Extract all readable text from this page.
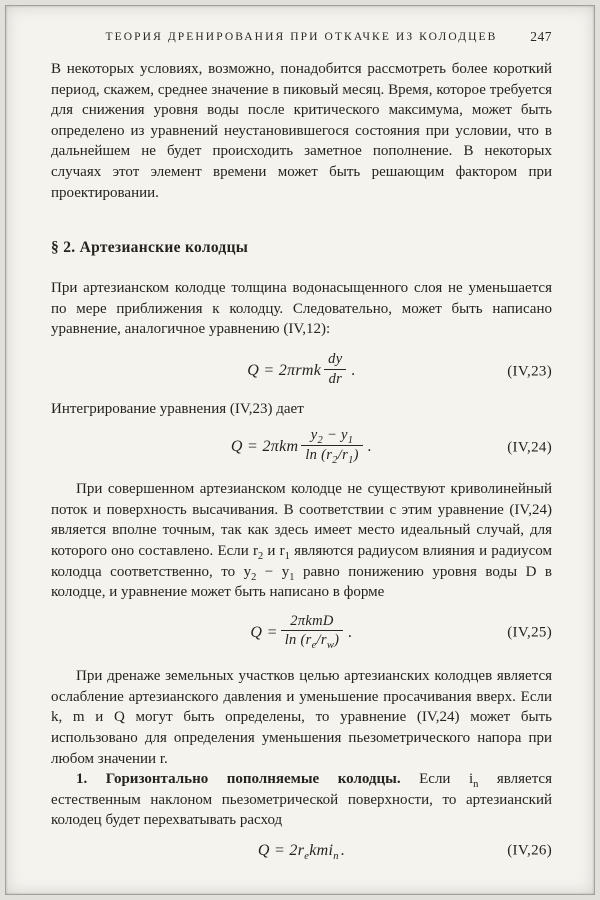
ТЕОРИЯ ДРЕНИРОВАНИЯ ПРИ ОТКАЧКЕ ИЗ КОЛОДЦЕВ 247

В некоторых условиях, возможно, понадобится рассмотреть более короткий период, скажем, среднее значение в пиковый месяц. Время, которое требуется для снижения уровня воды после критического максимума, может быть определено из уравнений неустановившегося состояния при условии, что в дальнейшем не будет происходить заметное пополнение. В некоторых случаях этот элемент времени может быть решающим фактором при проектировании.

§ 2. Артезианские колодцы

При артезианском колодце толщина водонасыщенного слоя не уменьшается по мере приближения к колодцу. Следовательно, может быть написано уравнение, аналогичное уравнению (IV,12):

$Q = 2\pi rmk \frac{dy}{dr}$ .	(IV,23)

Интегрирование уравнения (IV,23) дает

$Q = 2\pi km \frac{y_2 - y_1}{\ln (r_2/r_1)}$ .	(IV,24)

При совершенном артезианском колодце не существуют криволинейный поток и поверхность высачивания. В соответствии с этим уравнение (IV,24) является вполне точным, так как здесь имеет место идеальный случай, для которого оно составлено. Если $r_2$ и $r_1$ являются радиусом влияния и радиусом колодца соответственно, то $y_2 - y_1$ равно понижению уровня воды D в колодце, и уравнение может быть написано в форме

$Q = \frac{\text{2πkmD}}{\ln (r_e/r_w)}$ .	(IV,25)

При дренаже земельных участков целью артезианских колодцев является ослабление артезианского давления и уменьшение просачивания вверх. Если k, m и Q могут быть определены, то уравнение (IV,24) может быть использовано для определения уменьшения пьезометрического напора при любом значении r.

1. Горизонтально пополняемые колодцы. Если $i_n$ является естественным наклоном пьезометрической поверхности, то артезианский колодец будет перехватывать расход

$Q = 2r_ekmi_n$ .	(IV,26)
